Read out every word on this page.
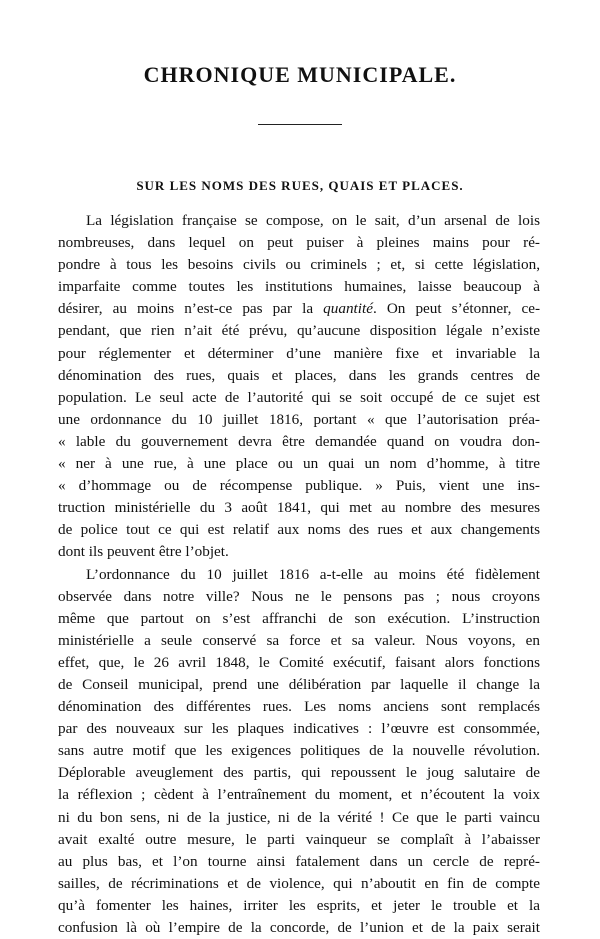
CHRONIQUE MUNICIPALE.
SUR LES NOMS DES RUES, QUAIS ET PLACES.
La législation française se compose, on le sait, d’un arsenal de lois
nombreuses, dans lequel on peut puiser à pleines mains pour ré-
pondre à tous les besoins civils ou criminels ; et, si cette législation,
imparfaite comme toutes les institutions humaines, laisse beaucoup à
désirer, au moins n’est-ce pas par la quantité. On peut s’étonner, ce-
pendant, que rien n’ait été prévu, qu’aucune disposition légale n’existe
pour réglementer et déterminer d’une manière fixe et invariable la
dénomination des rues, quais et places, dans les grands centres de
population. Le seul acte de l’autorité qui se soit occupé de ce sujet est
une ordonnance du 10 juillet 1816, portant « que l’autorisation préa-
« lable du gouvernement devra être demandée quand on voudra don-
« ner à une rue, à une place ou un quai un nom d’homme, à titre
« d’hommage ou de récompense publique. » Puis, vient une ins-
truction ministérielle du 3 août 1841, qui met au nombre des mesures
de police tout ce qui est relatif aux noms des rues et aux changements
dont ils peuvent être l’objet.
L’ordonnance du 10 juillet 1816 a-t-elle au moins été fidèlement
observée dans notre ville? Nous ne le pensons pas ; nous croyons
même que partout on s’est affranchi de son exécution. L’instruction
ministérielle a seule conservé sa force et sa valeur. Nous voyons, en
effet, que, le 26 avril 1848, le Comité exécutif, faisant alors fonctions
de Conseil municipal, prend une délibération par laquelle il change la
dénomination des différentes rues. Les noms anciens sont remplacés
par des nouveaux sur les plaques indicatives : l’œuvre est consommée,
sans autre motif que les exigences politiques de la nouvelle révolution.
Déplorable aveuglement des partis, qui repoussent le joug salutaire de
la réflexion ; cèdent à l’entraînement du moment, et n’écoutent la voix
ni du bon sens, ni de la justice, ni de la vérité ! Ce que le parti vaincu
avait exalté outre mesure, le parti vainqueur se complaît à l’abaisser
au plus bas, et l’on tourne ainsi fatalement dans un cercle de repré-
sailles, de récriminations et de violence, qui n’aboutit en fin de compte
qu’à fomenter les haines, irriter les esprits, et jeter le trouble et la
confusion là où l’empire de la concorde, de l’union et de la paix serait
